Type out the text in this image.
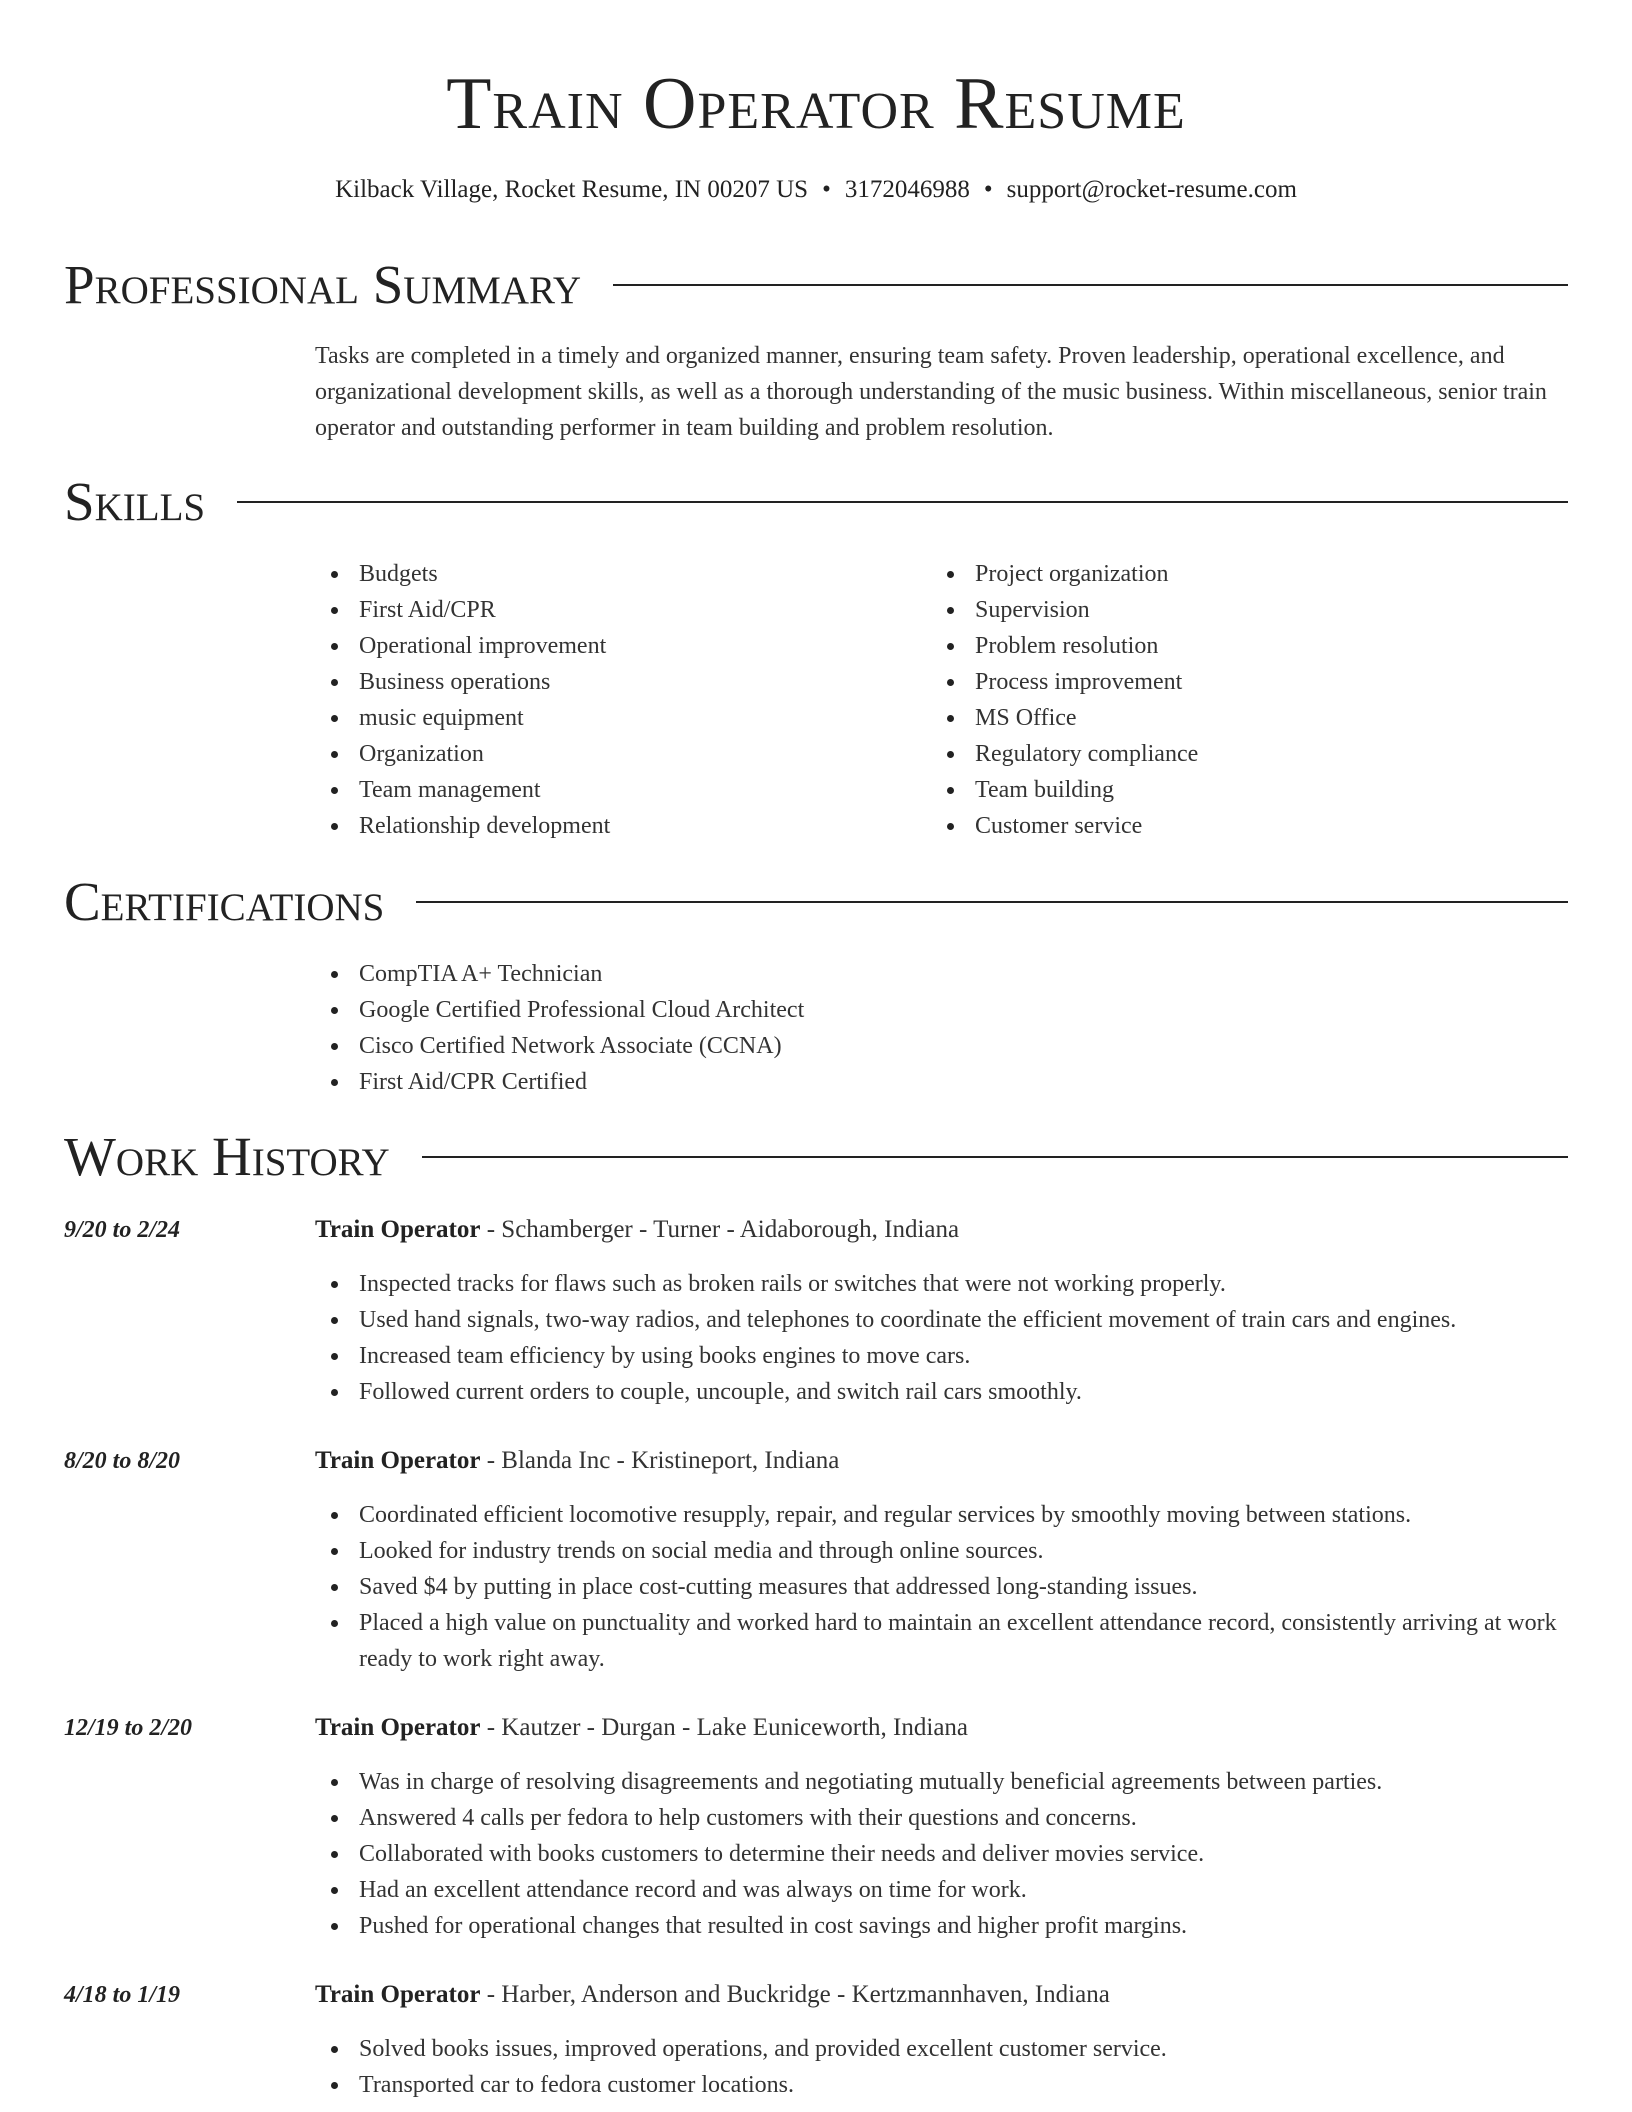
Train Operator Resume
Kilback Village, Rocket Resume, IN 00207 US • 3172046988 • support@rocket-resume.com
Professional Summary

Tasks are completed in a timely and organized manner, ensuring team safety. Proven leadership, operational excellence, and organizational development skills, as well as a thorough understanding of the music business. Within miscellaneous, senior train operator and outstanding performer in team building and problem resolution.

Skills
Budgets
First Aid/CPR
Operational improvement
Business operations
music equipment
Organization
Team management
Relationship development
Project organization
Supervision
Problem resolution
Process improvement
MS Office
Regulatory compliance
Team building
Customer service
Certifications
CompTIA A+ Technician
Google Certified Professional Cloud Architect
Cisco Certified Network Associate (CCNA)
First Aid/CPR Certified
Work History
9/20 to 2/24	Train Operator - Schamberger - Turner - Aidaborough, Indiana
Inspected tracks for flaws such as broken rails or switches that were not working properly.
Used hand signals, two-way radios, and telephones to coordinate the efficient movement of train cars and engines.
Increased team efficiency by using books engines to move cars.
Followed current orders to couple, uncouple, and switch rail cars smoothly.
8/20 to 8/20	Train Operator - Blanda Inc - Kristineport, Indiana
Coordinated efficient locomotive resupply, repair, and regular services by smoothly moving between stations.
Looked for industry trends on social media and through online sources.
Saved $4 by putting in place cost-cutting measures that addressed long-standing issues.
Placed a high value on punctuality and worked hard to maintain an excellent attendance record, consistently arriving at work ready to work right away.
12/19 to 2/20	Train Operator - Kautzer - Durgan - Lake Euniceworth, Indiana
Was in charge of resolving disagreements and negotiating mutually beneficial agreements between parties.
Answered 4 calls per fedora to help customers with their questions and concerns.
Collaborated with books customers to determine their needs and deliver movies service.
Had an excellent attendance record and was always on time for work.
Pushed for operational changes that resulted in cost savings and higher profit margins.
4/18 to 1/19	Train Operator - Harber, Anderson and Buckridge - Kertzmannhaven, Indiana
Solved books issues, improved operations, and provided excellent customer service.
Transported car to fedora customer locations.
